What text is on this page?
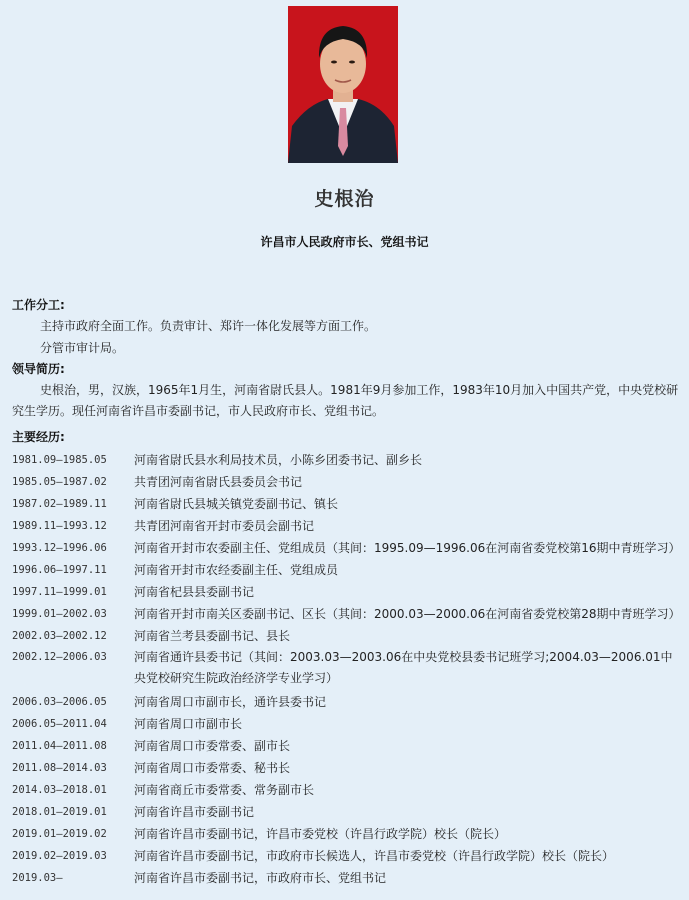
史根治
许昌市人民政府市长、党组书记
工作分工:
主持市政府全面工作。负责审计、郑许一体化发展等方面工作。
分管市审计局。
领导简历:
史根治，男，汉族，1965年1月生，河南省尉氏县人。1981年9月参加工作，1983年10月加入中国共产党，中央党校研究生学历。现任河南省许昌市委副书记，市人民政府市长、党组书记。
主要经历:
1981.09—1985.05	河南省尉氏县水利局技术员，小陈乡团委书记、副乡长
1985.05—1987.02	共青团河南省尉氏县委员会书记
1987.02—1989.11	河南省尉氏县城关镇党委副书记、镇长
1989.11—1993.12	共青团河南省开封市委员会副书记
1993.12—1996.06	河南省开封市农委副主任、党组成员（其间：1995.09—1996.06在河南省委党校第16期中青班学习）
1996.06—1997.11	河南省开封市农经委副主任、党组成员
1997.11—1999.01	河南省杞县县委副书记
1999.01—2002.03	河南省开封市南关区委副书记、区长（其间：2000.03—2000.06在河南省委党校第28期中青班学习）
2002.03—2002.12	河南省兰考县委副书记、县长
2002.12—2006.03	河南省通许县委书记（其间：2003.03—2003.06在中央党校县委书记班学习;2004.03—2006.01中央党校研究生院政治经济学专业学习）
2006.03—2006.05	河南省周口市副市长，通许县委书记
2006.05—2011.04	河南省周口市副市长
2011.04—2011.08	河南省周口市委常委、副市长
2011.08—2014.03	河南省周口市委常委、秘书长
2014.03—2018.01	河南省商丘市委常委、常务副市长
2018.01—2019.01	河南省许昌市委副书记
2019.01—2019.02	河南省许昌市委副书记，许昌市委党校（许昌行政学院）校长（院长）
2019.02—2019.03	河南省许昌市委副书记，市政府市长候选人，许昌市委党校（许昌行政学院）校长（院长）
2019.03—	河南省许昌市委副书记，市政府市长、党组书记
